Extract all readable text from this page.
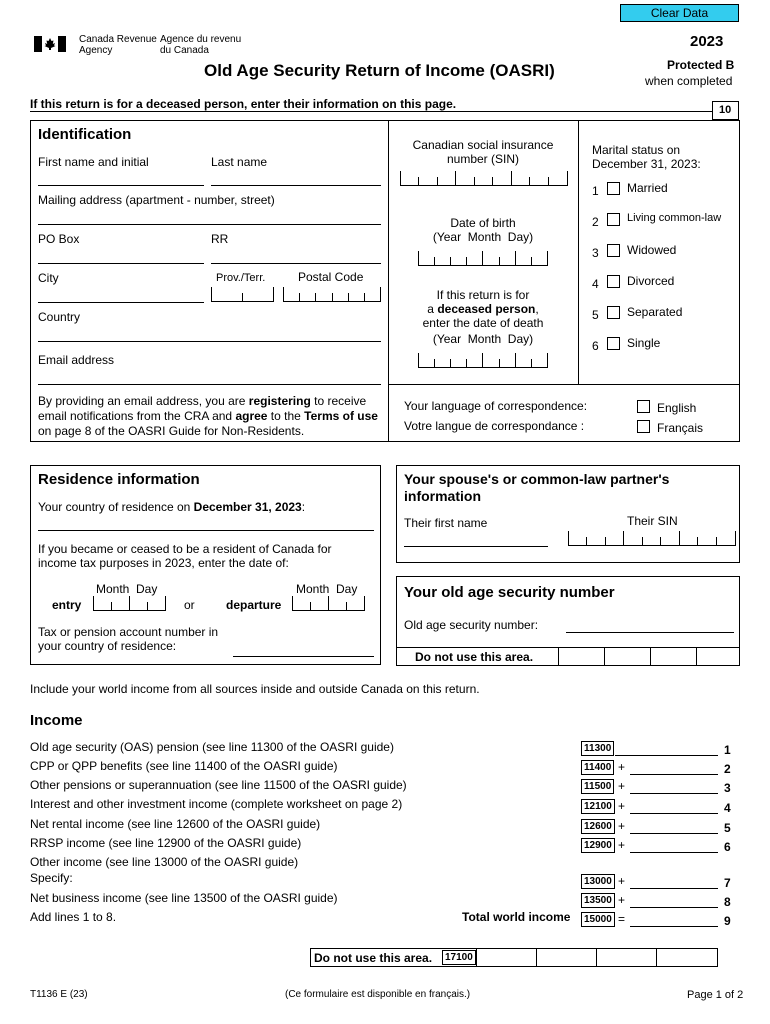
Clear Data
Canada Revenue
Agency
Agence du revenu
du Canada
2023
Old Age Security Return of Income (OASRI)	Protected B
when completed
If this return is for a deceased person, enter their information on this page.	10
Identification
First name and initial	Last name
Mailing address (apartment - number, street)
PO Box	RR
City	Prov./Terr.	Postal Code
Country
Email address
By providing an email address, you are registering to receive email notifications from the CRA and agree to the Terms of use on page 8 of the OASRI Guide for Non-Residents.
Canadian social insurance number (SIN)
Date of birth
(Year  Month  Day)
If this return is for
a deceased person,
enter the date of death
(Year  Month  Day)
Marital status on December 31, 2023:
1 Married
2	Living common-law
3 Widowed
4 Divorced
5 Separated
6 Single
Your language of correspondence:
Votre langue de correspondance :
English
Français
Residence information
Your country of residence on December 31, 2023:
If you became or ceased to be a resident of Canada for income tax purposes in 2023, enter the date of:
Month  Day	Month  Day
entry	or	departure
Tax or pension account number in your country of residence:
Your spouse's or common-law partner's information
Their first name	Their SIN
Your old age security number
Old age security number:
Do not use this area.
Include your world income from all sources inside and outside Canada on this return.
Income
Old age security (OAS) pension (see line 11300 of the OASRI guide)	11300	1
CPP or QPP benefits (see line 11400 of the OASRI guide)	11400 +	2
Other pensions or superannuation (see line 11500 of the OASRI guide)	11500 +	3
Interest and other investment income (complete worksheet on page 2)	12100 +	4
Net rental income (see line 12600 of the OASRI guide)	12600 +	5
RRSP income (see line 12900 of the OASRI guide)	12900 +	6
Other income (see line 13000 of the OASRI guide)
Specify:	13000 +	7
Net business income (see line 13500 of the OASRI guide)	13500 +	8
Add lines 1 to 8.	Total world income	15000 =	9
Do not use this area.	17100
T1136 E (23)	(Ce formulaire est disponible en français.)	Page 1 of 2
